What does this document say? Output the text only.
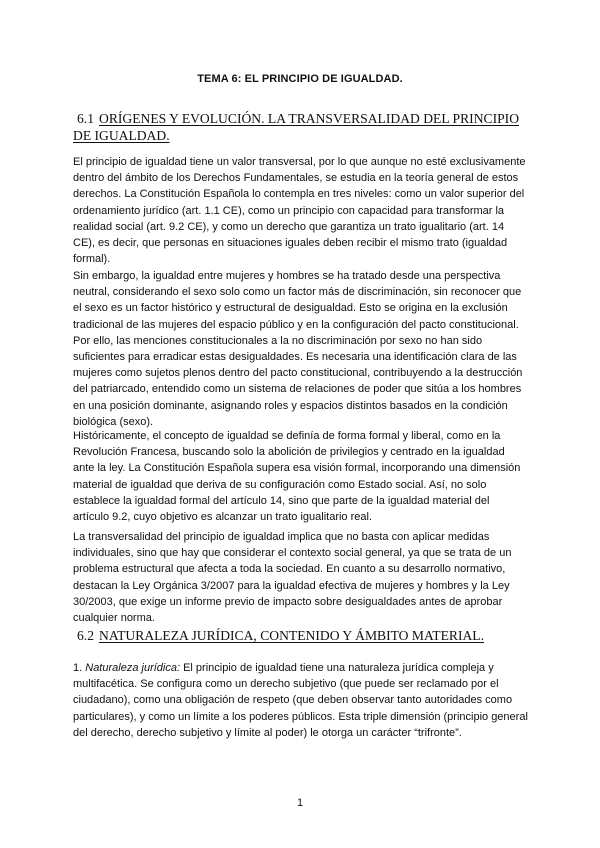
TEMA 6: EL PRINCIPIO DE IGUALDAD.
6.1 ORÍGENES Y EVOLUCIÓN. LA TRANSVERSALIDAD DEL PRINCIPIO DE IGUALDAD.

El principio de igualdad tiene un valor transversal, por lo que aunque no esté exclusivamente dentro del ámbito de los Derechos Fundamentales, se estudia en la teoría general de estos derechos. La Constitución Española lo contempla en tres niveles: como un valor superior del ordenamiento jurídico (art. 1.1 CE), como un principio con capacidad para transformar la realidad social (art. 9.2 CE), y como un derecho que garantiza un trato igualitario (art. 14 CE), es decir, que personas en situaciones iguales deben recibir el mismo trato (igualdad formal).

Sin embargo, la igualdad entre mujeres y hombres se ha tratado desde una perspectiva neutral, considerando el sexo solo como un factor más de discriminación, sin reconocer que el sexo es un factor histórico y estructural de desigualdad. Esto se origina en la exclusión tradicional de las mujeres del espacio público y en la configuración del pacto constitucional. Por ello, las menciones constitucionales a la no discriminación por sexo no han sido suficientes para erradicar estas desigualdades. Es necesaria una identificación clara de las mujeres como sujetos plenos dentro del pacto constitucional, contribuyendo a la destrucción del patriarcado, entendido como un sistema de relaciones de poder que sitúa a los hombres en una posición dominante, asignando roles y espacios distintos basados en la condición biológica (sexo).

Históricamente, el concepto de igualdad se definía de forma formal y liberal, como en la Revolución Francesa, buscando solo la abolición de privilegios y centrado en la igualdad ante la ley. La Constitución Española supera esa visión formal, incorporando una dimensión material de igualdad que deriva de su configuración como Estado social. Así, no solo establece la igualdad formal del artículo 14, sino que parte de la igualdad material del artículo 9.2, cuyo objetivo es alcanzar un trato igualitario real.

La transversalidad del principio de igualdad implica que no basta con aplicar medidas individuales, sino que hay que considerar el contexto social general, ya que se trata de un problema estructural que afecta a toda la sociedad. En cuanto a su desarrollo normativo, destacan la Ley Orgánica 3/2007 para la igualdad efectiva de mujeres y hombres y la Ley 30/2003, que exige un informe previo de impacto sobre desigualdades antes de aprobar cualquier norma.

6.2 NATURALEZA JURÍDICA, CONTENIDO Y ÁMBITO MATERIAL.

1. Naturaleza jurídica: El principio de igualdad tiene una naturaleza jurídica compleja y multifacética. Se configura como un derecho subjetivo (que puede ser reclamado por el ciudadano), como una obligación de respeto (que deben observar tanto autoridades como particulares), y como un límite a los poderes públicos. Esta triple dimensión (principio general del derecho, derecho subjetivo y límite al poder) le otorga un carácter “trifronte”.

1
